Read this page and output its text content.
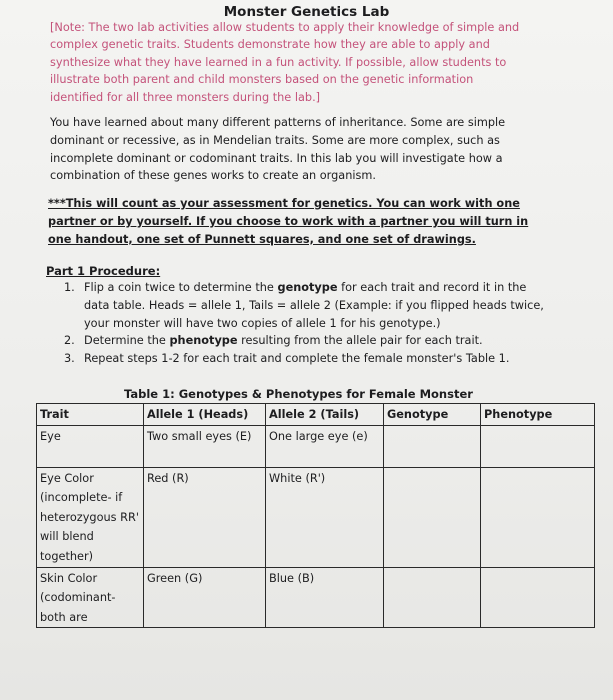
Monster Genetics Lab
[Note: The two lab activities allow students to apply their knowledge of simple and complex genetic traits. Students demonstrate how they are able to apply and synthesize what they have learned in a fun activity. If possible, allow students to illustrate both parent and child monsters based on the genetic information identified for all three monsters during the lab.]
You have learned about many different patterns of inheritance. Some are simple dominant or recessive, as in Mendelian traits. Some are more complex, such as incomplete dominant or codominant traits. In this lab you will investigate how a combination of these genes works to create an organism.
***This will count as your assessment for genetics. You can work with one partner or by yourself. If you choose to work with a partner you will turn in one handout, one set of Punnett squares, and one set of drawings.
Part 1 Procedure:
1. Flip a coin twice to determine the genotype for each trait and record it in the data table. Heads = allele 1, Tails = allele 2 (Example: if you flipped heads twice, your monster will have two copies of allele 1 for his genotype.)
2. Determine the phenotype resulting from the allele pair for each trait.
3. Repeat steps 1-2 for each trait and complete the female monster's Table 1.
Table 1: Genotypes & Phenotypes for Female Monster
Trait	Allele 1 (Heads)	Allele 2 (Tails)	Genotype	Phenotype
Eye	Two small eyes (E)	One large eye (e)		
Eye Color (incomplete- if heterozygous RR' will blend together)	Red (R)	White (R')		
Skin Color (codominant- both are	Green (G)	Blue (B)		
